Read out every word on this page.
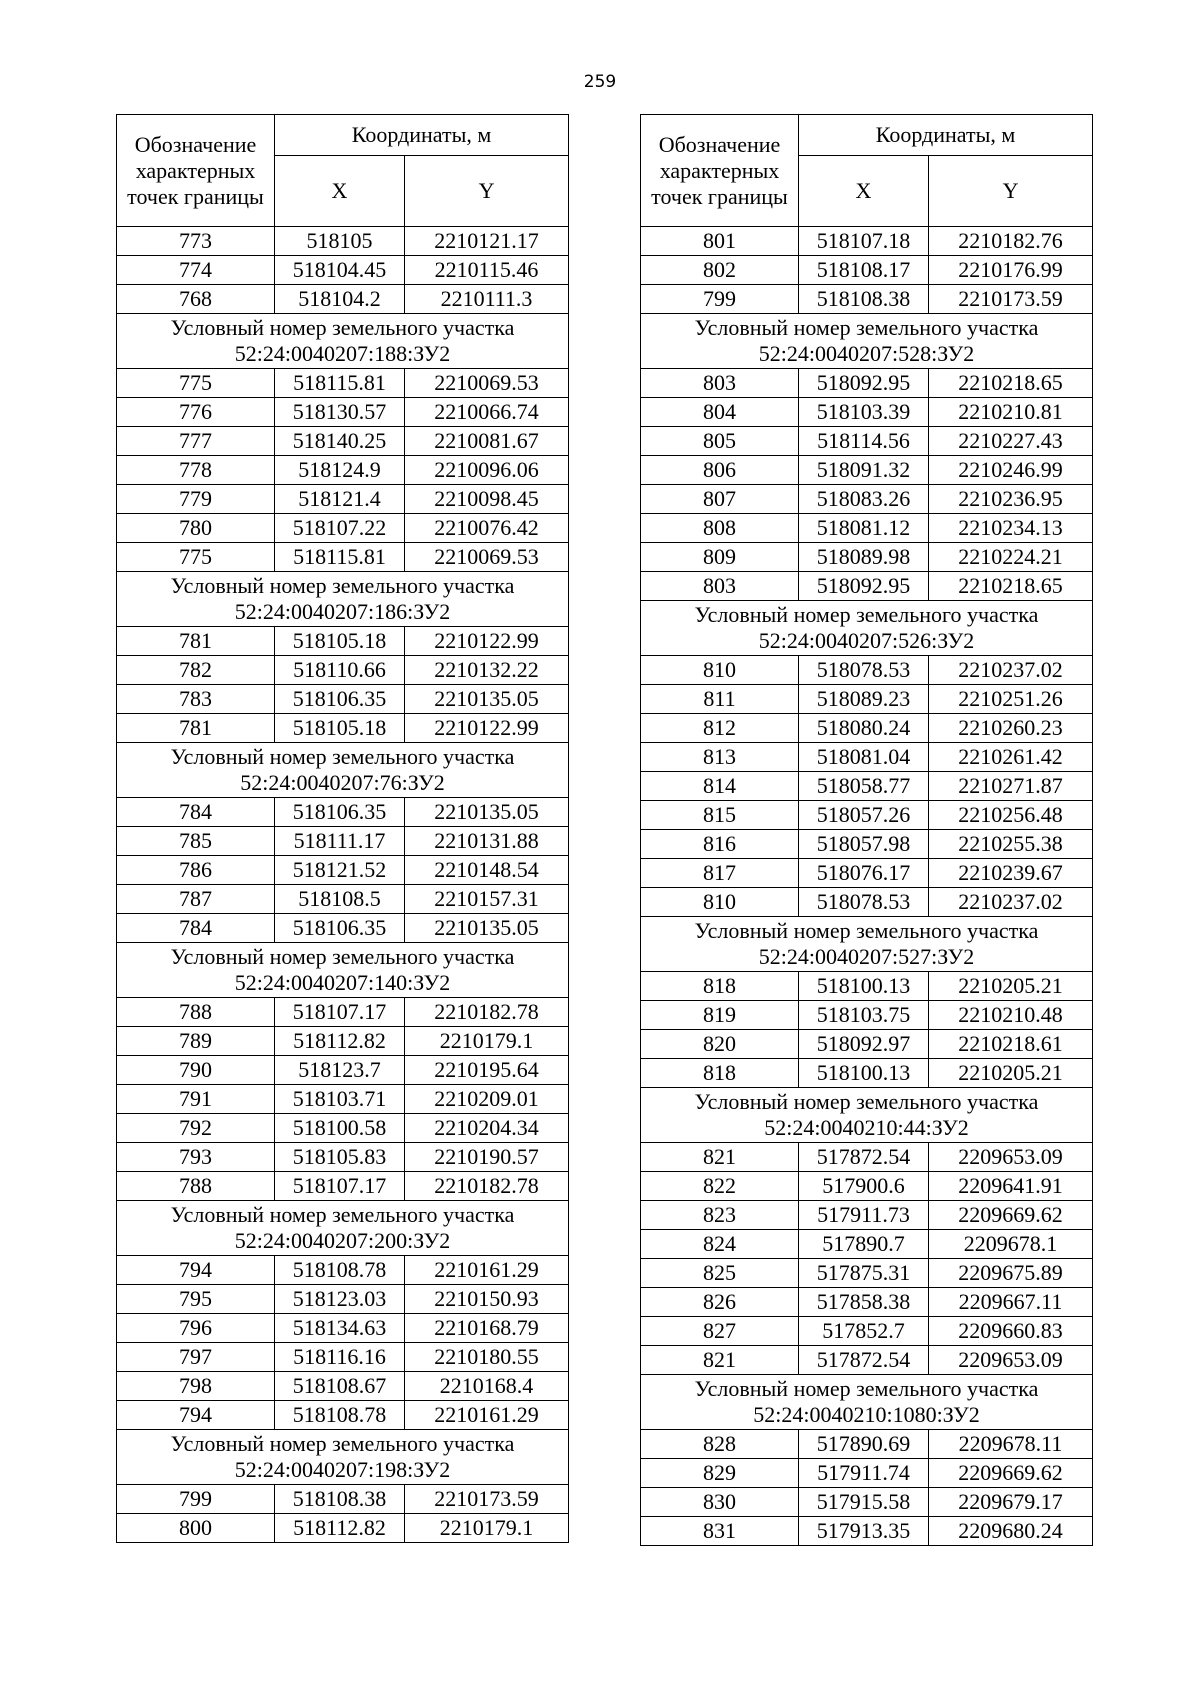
259
Обозначение характерных точек границы	Координаты, м	
	X	Y
773	518105	2210121.17
774	518104.45	2210115.46
768	518104.2	2210111.3
Условный номер земельного участка
52:24:0040207:188:ЗУ2		
775	518115.81	2210069.53
776	518130.57	2210066.74
777	518140.25	2210081.67
778	518124.9	2210096.06
779	518121.4	2210098.45
780	518107.22	2210076.42
775	518115.81	2210069.53
Условный номер земельного участка
52:24:0040207:186:ЗУ2		
781	518105.18	2210122.99
782	518110.66	2210132.22
783	518106.35	2210135.05
781	518105.18	2210122.99
Условный номер земельного участка
52:24:0040207:76:ЗУ2		
784	518106.35	2210135.05
785	518111.17	2210131.88
786	518121.52	2210148.54
787	518108.5	2210157.31
784	518106.35	2210135.05
Условный номер земельного участка
52:24:0040207:140:ЗУ2		
788	518107.17	2210182.78
789	518112.82	2210179.1
790	518123.7	2210195.64
791	518103.71	2210209.01
792	518100.58	2210204.34
793	518105.83	2210190.57
788	518107.17	2210182.78
Условный номер земельного участка
52:24:0040207:200:ЗУ2		
794	518108.78	2210161.29
795	518123.03	2210150.93
796	518134.63	2210168.79
797	518116.16	2210180.55
798	518108.67	2210168.4
794	518108.78	2210161.29
Условный номер земельного участка
52:24:0040207:198:ЗУ2		
799	518108.38	2210173.59
800	518112.82	2210179.1
Обозначение характерных точек границы	Координаты, м	
	X	Y
801	518107.18	2210182.76
802	518108.17	2210176.99
799	518108.38	2210173.59
Условный номер земельного участка
52:24:0040207:528:ЗУ2		
803	518092.95	2210218.65
804	518103.39	2210210.81
805	518114.56	2210227.43
806	518091.32	2210246.99
807	518083.26	2210236.95
808	518081.12	2210234.13
809	518089.98	2210224.21
803	518092.95	2210218.65
Условный номер земельного участка
52:24:0040207:526:ЗУ2		
810	518078.53	2210237.02
811	518089.23	2210251.26
812	518080.24	2210260.23
813	518081.04	2210261.42
814	518058.77	2210271.87
815	518057.26	2210256.48
816	518057.98	2210255.38
817	518076.17	2210239.67
810	518078.53	2210237.02
Условный номер земельного участка
52:24:0040207:527:ЗУ2		
818	518100.13	2210205.21
819	518103.75	2210210.48
820	518092.97	2210218.61
818	518100.13	2210205.21
Условный номер земельного участка
52:24:0040210:44:ЗУ2		
821	517872.54	2209653.09
822	517900.6	2209641.91
823	517911.73	2209669.62
824	517890.7	2209678.1
825	517875.31	2209675.89
826	517858.38	2209667.11
827	517852.7	2209660.83
821	517872.54	2209653.09
Условный номер земельного участка
52:24:0040210:1080:ЗУ2		
828	517890.69	2209678.11
829	517911.74	2209669.62
830	517915.58	2209679.17
831	517913.35	2209680.24
